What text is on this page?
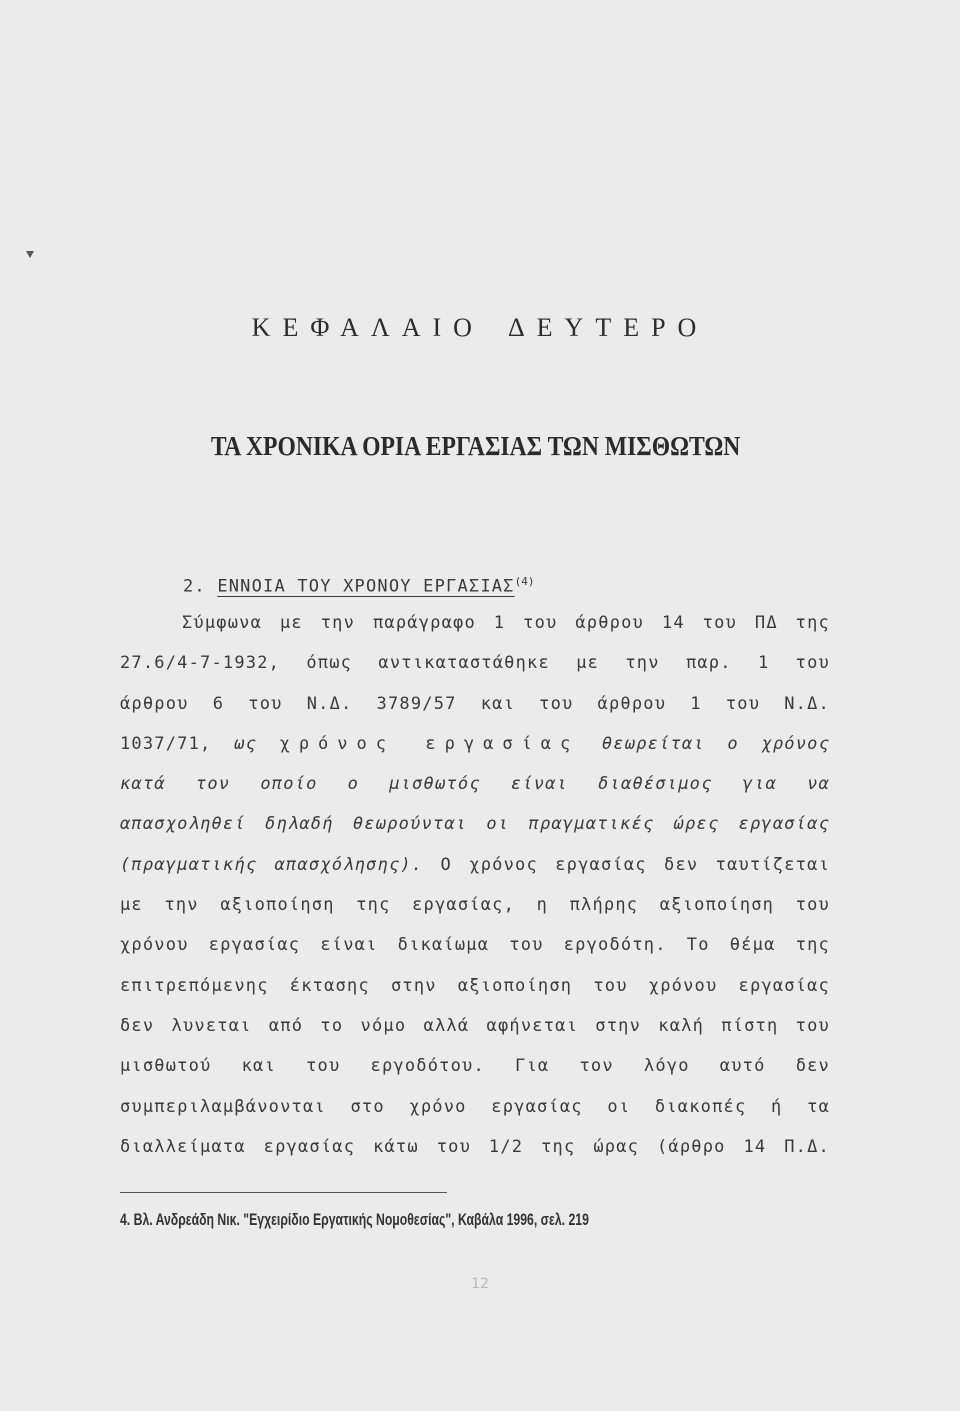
ΚΕΦΑΛΑΙΟ ΔΕΥΤΕΡΟ
ΤΑ ΧΡΟΝΙΚΑ ΟΡΙΑ ΕΡΓΑΣΙΑΣ ΤΩΝ ΜΙΣΘΩΤΩΝ
2. ΕΝΝΟΙΑ ΤΟΥ ΧΡΟΝΟΥ ΕΡΓΑΣΙΑΣ$^{(4)}$
Σύμφωνα με την παράγραφο 1 του άρθρου 14 του ΠΔ της
27.6/4-7-1932, όπως αντικαταστάθηκε με την παρ. 1 του
άρθρου 6 του Ν.Δ. 3789/57 και του άρθρου 1 του Ν.Δ.
1037/71, ως χρόνος εργασίας θεωρείται ο χρόνος
κατά τον οποίο ο μισθωτός είναι διαθέσιμος για να
απασχοληθεί δηλαδή θεωρούνται οι πραγματικές ώρες εργασίας
(πραγματικής απασχόλησης). Ο χρόνος εργασίας δεν ταυτίζεται
με την αξιοποίηση της εργασίας, η πλήρης αξιοποίηση του
χρόνου εργασίας είναι δικαίωμα του εργοδότη. Το θέμα της
επιτρεπόμενης έκτασης στην αξιοποίηση του χρόνου εργασίας
δεν λυνεται από το νόμο αλλά αφήνεται στην καλή πίστη του
μισθωτού και του εργοδότου. Για τον λόγο αυτό δεν
συμπεριλαμβάνονται στο χρόνο εργασίας οι διακοπές ή τα
διαλλείματα εργασίας κάτω του 1/2 της ώρας (άρθρο 14 Π.Δ.
4. Βλ. Ανδρεάδη Νικ. "Εγχειρίδιο Εργατικής Νομοθεσίας", Καβάλα 1996, σελ. 219
12
